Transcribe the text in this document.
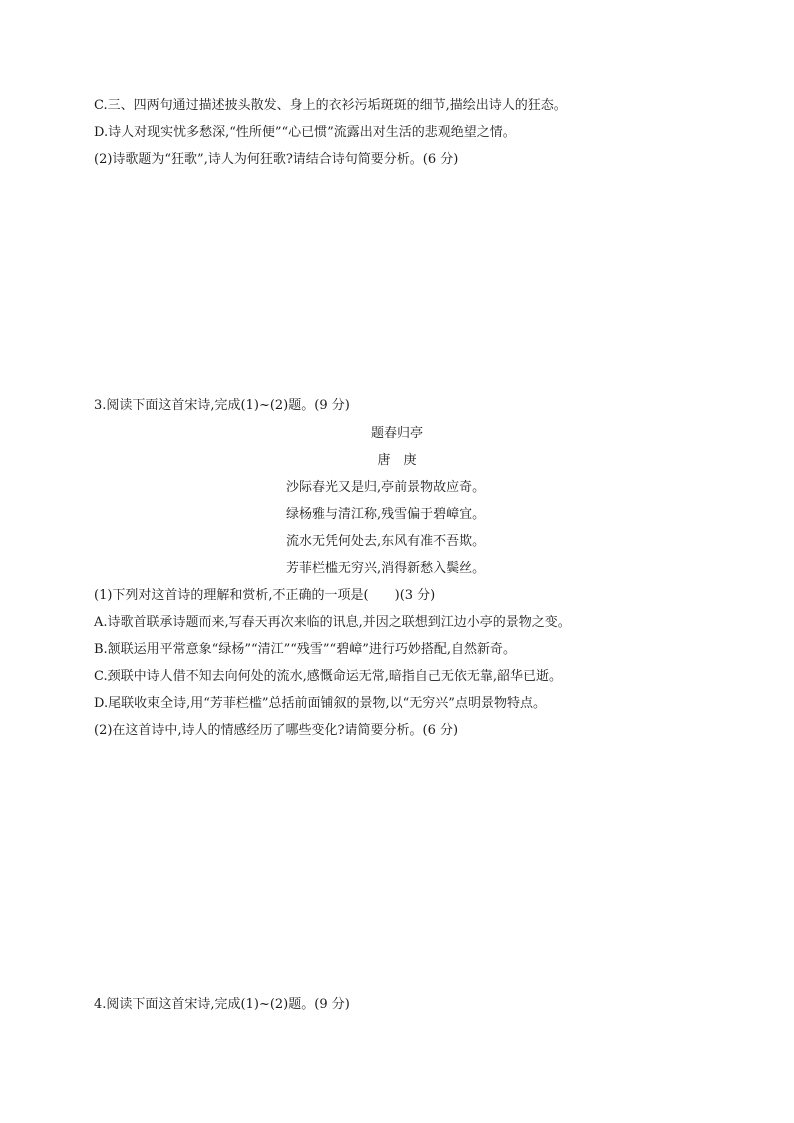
C.三、四两句通过描述披头散发、身上的衣衫污垢斑斑的细节,描绘出诗人的狂态。
D.诗人对现实忧多愁深,“性所便”“心已惯”流露出对生活的悲观绝望之情。
(2)诗歌题为“狂歌”,诗人为何狂歌?请结合诗句简要分析。(6 分)
3.阅读下面这首宋诗,完成(1)~(2)题。(9 分)
题春归亭
唐　庚
沙际春光又是归,亭前景物故应奇。
绿杨雅与清江称,残雪偏于碧嶂宜。
流水无凭何处去,东风有准不吾欺。
芳菲栏槛无穷兴,消得新愁入鬓丝。
(1)下列对这首诗的理解和赏析,不正确的一项是(　　)(3 分)
A.诗歌首联承诗题而来,写春天再次来临的讯息,并因之联想到江边小亭的景物之变。
B.颔联运用平常意象“绿杨”“清江”“残雪”“碧嶂”进行巧妙搭配,自然新奇。
C.颈联中诗人借不知去向何处的流水,感慨命运无常,暗指自己无依无靠,韶华已逝。
D.尾联收束全诗,用“芳菲栏槛”总括前面铺叙的景物,以“无穷兴”点明景物特点。
(2)在这首诗中,诗人的情感经历了哪些变化?请简要分析。(6 分)
4.阅读下面这首宋诗,完成(1)~(2)题。(9 分)
